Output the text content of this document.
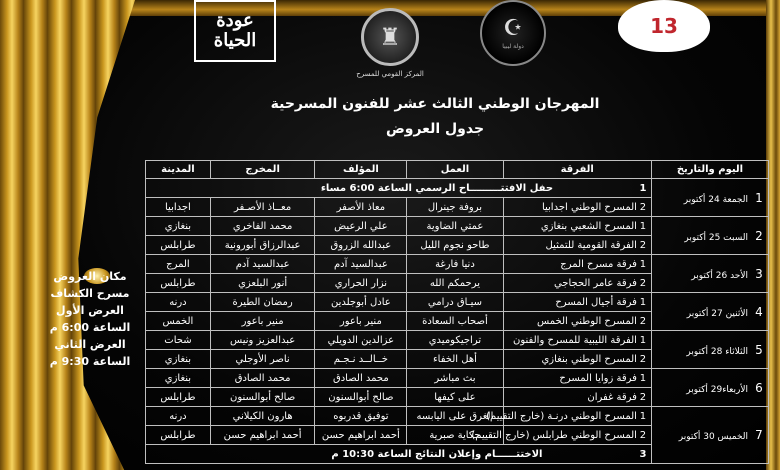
عودة
الحياة	♜
المركز القومي للمسرح
☪
دولة ليبيا
13
المهرجان الوطني الثالث عشر للفنون المسرحية
جدول العروض
مكان العروض
مسرح الكشاف
العرض الأول
الساعة 6:00 م
العرض الثاني
الساعة 9:30 م
اليوم والتاريخ	الفرقة	العمل	المؤلف	المخرج	المدينة
1الجمعة 24 أكتوبر	1حفل الافتتـــــــــاح الرسمي الساعة 6:00 مساء				
	2المسرح الوطني اجدابيا	بروفة جينرال	معاذ الأصفر	معــاذ الأصـفر	اجدابيا
2السبت 25 أكتوبر	1المسرح الشعبي بنغازي	عمتي الضاوية	علي الرعيض	محمد الفاخري	بنغازي
	2الفرقة القومية للتمثيل	طاحو نجوم الليل	عبدالله الزروق	عبدالرزاق أبورونية	طرابلس
3الأحد 26 أكتوبر	1فرقة مسرح المرج	دنيا فارغة	عبدالسيد آدم	عبدالسيد آدم	المرج
	2فرقة عامر الحجاجي	يرحمكم الله	نزار الحراري	أنور البلعزي	طرابلس
4الأثنين 27 أكتوبر	1فرقة أجيال المسرح	سيـاق درامي	عادل أبوجلدين	رمضان الطيرة	درنه
	2المسرح الوطني الخمس	أصحاب السعادة	منير باعور	منير باعور	الخمس
5الثلاثاء 28 أكتوبر	1الفرقة الليبية للمسرح والفنون	تراجيكوميدي	عزالدين الدويلي	عبدالعزيز ونيس	شحات
	2المسرح الوطني بنغازي	أهل الخفاء	خــالــد نـجـم	ناصر الأوجلي	بنغازي
6الأربعاء29 أكتوبر	1فرقة زوايا المسرح	بث مباشر	محمد الصادق	محمد الصادق	بنغازي
	2فرقة غفران	على كيفها	صالح أبوالسنون	صالح أبوالسنون	طرابلس
7الخميس 30 أكتوبر	1المسرح الوطني درنـة (خارج التقييم)	الغرق على اليابسه	توفيق قدربوه	هارون الكيلاني	درنه
	2المسرح الوطني طرابلس (خارج التقييم)	حكاية صبرية	أحمد ابراهيم حسن	أحمد ابراهيم حسن	طرابلس
	3الاختتــــــام وإعلان النتائج الساعة 10:30 م				
